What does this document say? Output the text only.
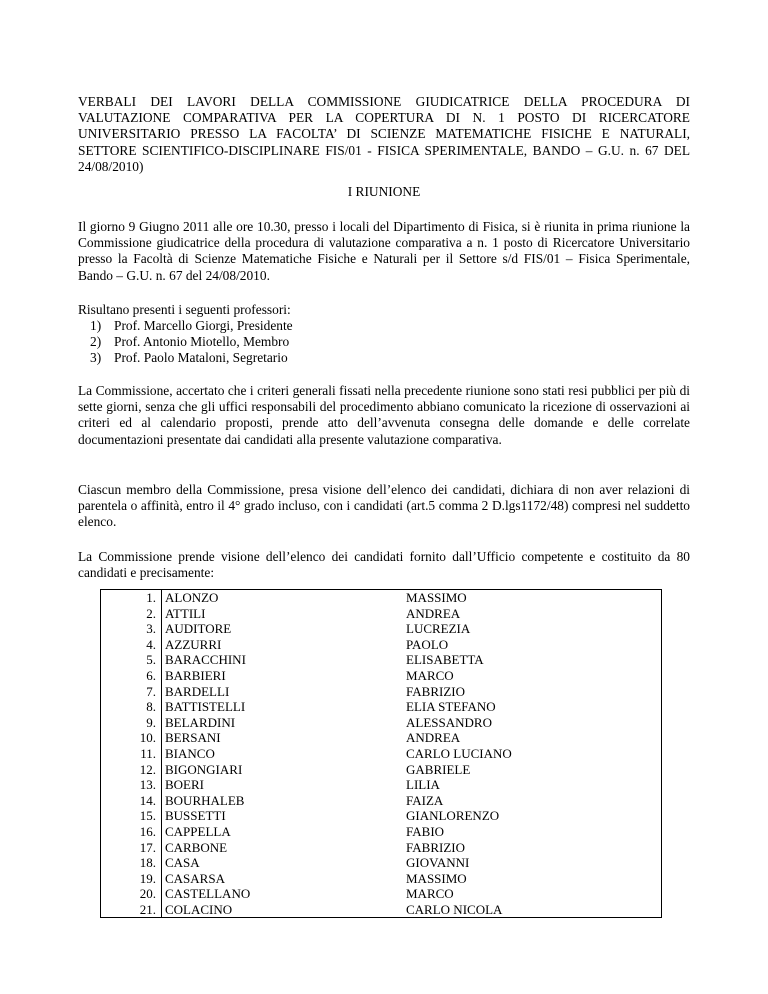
VERBALI DEI LAVORI DELLA COMMISSIONE GIUDICATRICE DELLA PROCEDURA DI VALUTAZIONE COMPARATIVA PER LA COPERTURA DI N. 1 POSTO DI RICERCATORE UNIVERSITARIO PRESSO LA FACOLTA’ DI SCIENZE MATEMATICHE FISICHE E NATURALI, SETTORE SCIENTIFICO-DISCIPLINARE FIS/01 - FISICA SPERIMENTALE, BANDO – G.U. n. 67 DEL 24/08/2010)
I RIUNIONE

Il giorno 9 Giugno 2011 alle ore 10.30, presso i locali del Dipartimento di Fisica, si è riunita in prima riunione la Commissione giudicatrice della procedura di valutazione comparativa a n. 1 posto di Ricercatore Universitario presso la Facoltà di Scienze Matematiche Fisiche e Naturali per il Settore s/d FIS/01 – Fisica Sperimentale, Bando – G.U. n. 67 del 24/08/2010.

Risultano presenti i seguenti professori:

1) Prof. Marcello Giorgi, Presidente
2) Prof. Antonio Miotello, Membro
3) Prof. Paolo Mataloni, Segretario

La Commissione, accertato che i criteri generali fissati nella precedente riunione sono stati resi pubblici per più di sette giorni, senza che gli uffici responsabili del procedimento abbiano comunicato la ricezione di osservazioni ai criteri ed al calendario proposti, prende atto dell’avvenuta consegna delle domande e delle correlate documentazioni presentate dai candidati alla presente valutazione comparativa.

Ciascun membro della Commissione, presa visione dell’elenco dei candidati, dichiara di non aver relazioni di parentela o affinità, entro il 4° grado incluso, con i candidati (art.5 comma 2 D.lgs1172/48) compresi nel suddetto elenco.

La Commissione prende visione dell’elenco dei candidati fornito dall’Ufficio competente e costituito da 80 candidati e precisamente:

1.	ALONZO	MASSIMO
2.	ATTILI	ANDREA
3.	AUDITORE	LUCREZIA
4.	AZZURRI	PAOLO
5.	BARACCHINI	ELISABETTA
6.	BARBIERI	MARCO
7.	BARDELLI	FABRIZIO
8.	BATTISTELLI	ELIA STEFANO
9.	BELARDINI	ALESSANDRO
10.	BERSANI	ANDREA
11.	BIANCO	CARLO LUCIANO
12.	BIGONGIARI	GABRIELE
13.	BOERI	LILIA
14.	BOURHALEB	FAIZA
15.	BUSSETTI	GIANLORENZO
16.	CAPPELLA	FABIO
17.	CARBONE	FABRIZIO
18.	CASA	GIOVANNI
19.	CASARSA	MASSIMO
20.	CASTELLANO	MARCO
21.	COLACINO	CARLO NICOLA
